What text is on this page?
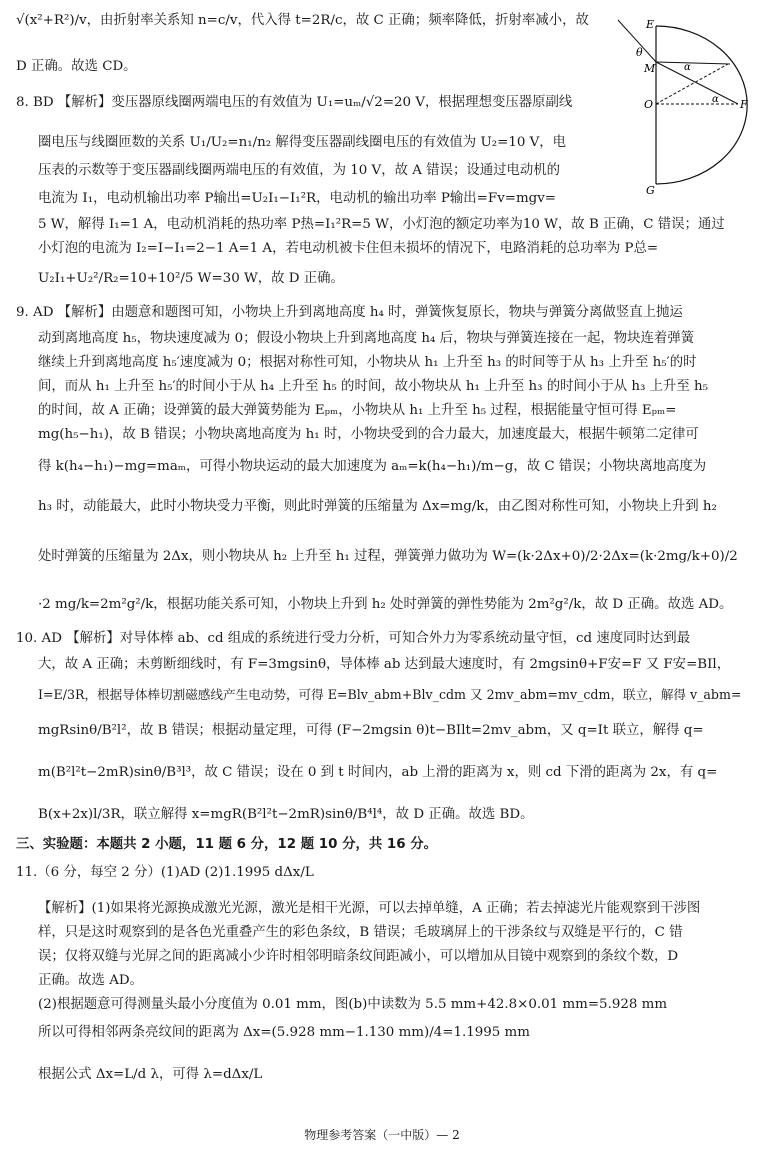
E
θ
M	α
O	α F
G
√(x²+R²)/v，由折射率关系知 n=c/v，代入得 t=2R/c，故 C 正确；频率降低，折射率减小，故
D 正确。故选 CD。
8. BD 【解析】变压器原线圈两端电压的有效值为 U₁=uₘ/√2=20 V，根据理想变压器原副线
圈电压与线圈匝数的关系 U₁/U₂=n₁/n₂ 解得变压器副线圈电压的有效值为 U₂=10 V，电
压表的示数等于变压器副线圈两端电压的有效值，为 10 V，故 A 错误；设通过电动机的
电流为 I₁，电动机输出功率 P输出=U₂I₁−I₁²R，电动机的输出功率 P输出=Fv=mgv=
5 W，解得 I₁=1 A，电动机消耗的热功率 P热=I₁²R=5 W，小灯泡的额定功率为10 W，故 B 正确，C 错误；通过
小灯泡的电流为 I₂=I−I₁=2−1 A=1 A，若电动机被卡住但未损坏的情况下，电路消耗的总功率为 P总=
U₂I₁+U₂²/R₂=10+10²/5 W=30 W，故 D 正确。
9. AD 【解析】由题意和题图可知，小物块上升到离地高度 h₄ 时，弹簧恢复原长，物块与弹簧分离做竖直上抛运
动到离地高度 h₅，物块速度减为 0；假设小物块上升到离地高度 h₄ 后，物块与弹簧连接在一起，物块连着弹簧
继续上升到离地高度 h₅′速度减为 0；根据对称性可知，小物块从 h₁ 上升至 h₃ 的时间等于从 h₃ 上升至 h₅′的时
间，而从 h₁ 上升至 h₅′的时间小于从 h₄ 上升至 h₅ 的时间，故小物块从 h₁ 上升至 h₃ 的时间小于从 h₃ 上升至 h₅
的时间，故 A 正确；设弹簧的最大弹簧势能为 Eₚₘ，小物块从 h₁ 上升至 h₅ 过程，根据能量守恒可得 Eₚₘ=
mg(h₅−h₁)，故 B 错误；小物块离地高度为 h₁ 时，小物块受到的合力最大，加速度最大，根据牛顿第二定律可
得 k(h₄−h₁)−mg=maₘ，可得小物块运动的最大加速度为 aₘ=k(h₄−h₁)/m−g，故 C 错误；小物块离地高度为
h₃ 时，动能最大，此时小物块受力平衡，则此时弹簧的压缩量为 Δx=mg/k，由乙图对称性可知，小物块上升到 h₂
处时弹簧的压缩量为 2Δx，则小物块从 h₂ 上升至 h₁ 过程，弹簧弹力做功为 W=(k·2Δx+0)/2·2Δx=(k·2mg/k+0)/2
·2 mg/k=2m²g²/k，根据功能关系可知，小物块上升到 h₂ 处时弹簧的弹性势能为 2m²g²/k，故 D 正确。故选 AD。
10. AD 【解析】对导体棒 ab、cd 组成的系统进行受力分析，可知合外力为零系统动量守恒，cd 速度同时达到最
大，故 A 正确；未剪断细线时，有 F=3mgsinθ，导体棒 ab 达到最大速度时，有 2mgsinθ+F安=F 又 F安=BIl，
I=E/3R，根据导体棒切割磁感线产生电动势，可得 E=Blv_abm+Blv_cdm 又 2mv_abm=mv_cdm，联立，解得 v_abm=
mgRsinθ/B²l²，故 B 错误；根据动量定理，可得 (F−2mgsin θ)t−BIlt=2mv_abm，又 q=It 联立，解得 q=
m(B²l²t−2mR)sinθ/B³l³，故 C 错误；设在 0 到 t 时间内，ab 上滑的距离为 x，则 cd 下滑的距离为 2x，有 q=
B(x+2x)l/3R，联立解得 x=mgR(B²l²t−2mR)sinθ/B⁴l⁴，故 D 正确。故选 BD。
三、实验题：本题共 2 小题，11 题 6 分，12 题 10 分，共 16 分。
11.（6 分，每空 2 分）(1)AD (2)1.1995 dΔx/L
【解析】(1)如果将光源换成激光光源，激光是相干光源，可以去掉单缝，A 正确；若去掉滤光片能观察到干涉图
样，只是这时观察到的是各色光重叠产生的彩色条纹，B 错误；毛玻璃屏上的干涉条纹与双缝是平行的，C 错
误；仅将双缝与光屏之间的距离减小少许时相邻明暗条纹间距减小，可以增加从目镜中观察到的条纹个数，D
正确。故选 AD。
(2)根据题意可得测量头最小分度值为 0.01 mm，图(b)中读数为 5.5 mm+42.8×0.01 mm=5.928 mm
所以可得相邻两条亮纹间的距离为 Δx=(5.928 mm−1.130 mm)/4=1.1995 mm
根据公式 Δx=L/d λ，可得 λ=dΔx/L
物理参考答案（一中版）— 2
